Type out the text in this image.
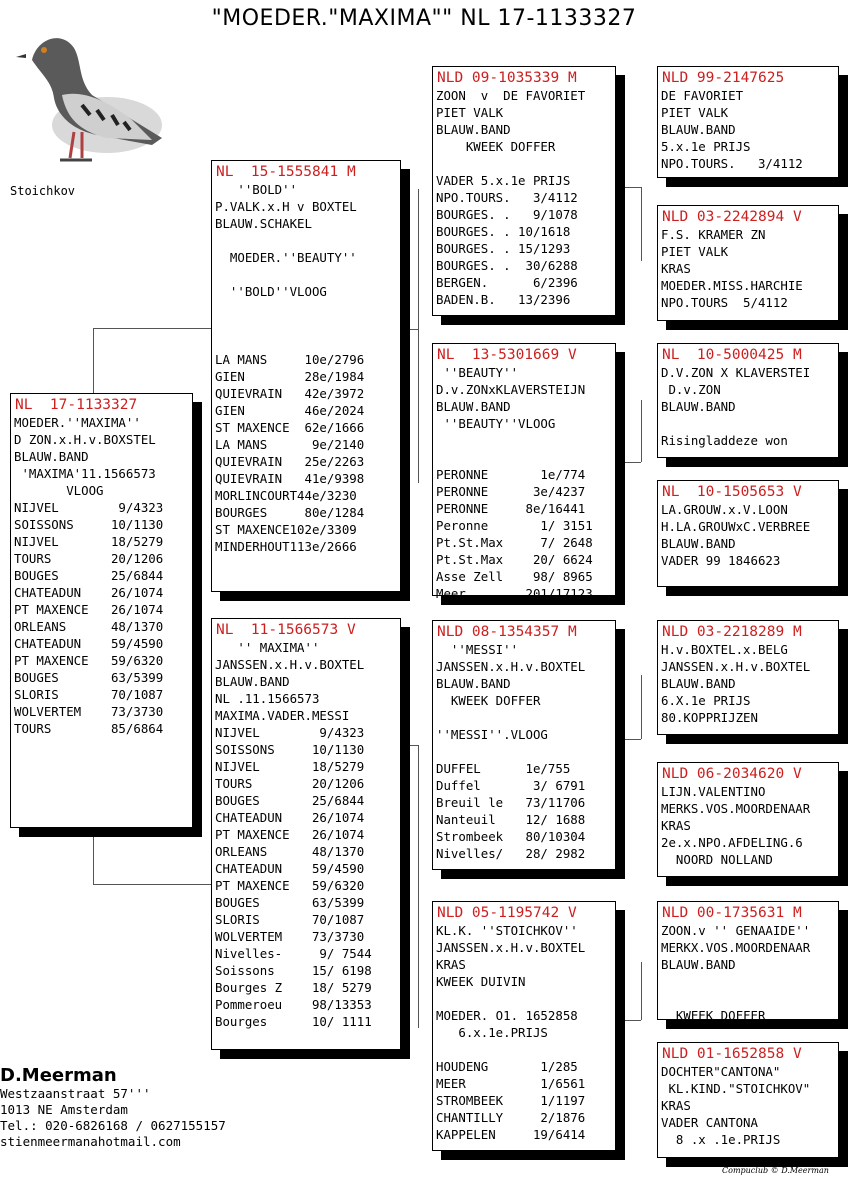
"MOEDER."MAXIMA"" NL 17-1133327
Stoichkov
NL  17-1133327
MOEDER.''MAXIMA''
D ZON.x.H.v.BOXSTEL
BLAUW.BAND
'MAXIMA'11.1566573
VLOOG
NIJVEL        9/4323
SOISSONS     10/1130
NIJVEL       18/5279
TOURS        20/1206
BOUGES       25/6844
CHATEADUN    26/1074
PT MAXENCE   26/1074
ORLEANS      48/1370
CHATEADUN    59/4590
PT MAXENCE   59/6320
BOUGES       63/5399
SLORIS       70/1087
WOLVERTEM    73/3730
TOURS        85/6864
NL  15-1555841 M
''BOLD''
P.VALK.x.H v BOXTEL
BLAUW.SCHAKEL
MOEDER.''BEAUTY''
''BOLD''VLOOG
LA MANS     10e/2796
GIEN        28e/1984
QUIEVRAIN   42e/3972
GIEN        46e/2024
ST MAXENCE  62e/1666
LA MANS      9e/2140
QUIEVRAIN   25e/2263
QUIEVRAIN   41e/9398
MORLINCOURT44e/3230
BOURGES     80e/1284
ST MAXENCE102e/3309
MINDERHOUT113e/2666
NL  11-1566573 V
'' MAXIMA''
JANSSEN.x.H.v.BOXTEL
BLAUW.BAND
NL .11.1566573
MAXIMA.VADER.MESSI
NIJVEL        9/4323
SOISSONS     10/1130
NIJVEL       18/5279
TOURS        20/1206
BOUGES       25/6844
CHATEADUN    26/1074
PT MAXENCE   26/1074
ORLEANS      48/1370
CHATEADUN    59/4590
PT MAXENCE   59/6320
BOUGES       63/5399
SLORIS       70/1087
WOLVERTEM    73/3730
Nivelles-     9/ 7544
Soissons     15/ 6198
Bourges Z    18/ 5279
Pommeroeu    98/13353
Bourges      10/ 1111
NLD 09-1035339 M
ZOON  v  DE FAVORIET
PIET VALK
BLAUW.BAND
KWEEK DOFFER
VADER 5.x.1e PRIJS
NPO.TOURS.   3/4112
BOURGES. .   9/1078
BOURGES. . 10/1618
BOURGES. . 15/1293
BOURGES. .  30/6288
BERGEN.      6/2396
BADEN.B.   13/2396
NL  13-5301669 V
''BEAUTY''
D.v.ZONxKLAVERSTEIJN
BLAUW.BAND
''BEAUTY''VLOOG
PERONNE       1e/774
PERONNE      3e/4237
PERONNE     8e/16441
Peronne       1/ 3151
Pt.St.Max     7/ 2648
Pt.St.Max    20/ 6624
Asse Zell    98/ 8965
Meer        201/17123
NLD 08-1354357 M
''MESSI''
JANSSEN.x.H.v.BOXTEL
BLAUW.BAND
KWEEK DOFFER
''MESSI''.VLOOG
DUFFEL      1e/755
Duffel       3/ 6791
Breuil le   73/11706
Nanteuil    12/ 1688
Strombeek   80/10304
Nivelles/   28/ 2982
NLD 05-1195742 V
KL.K. ''STOICHKOV''
JANSSEN.x.H.v.BOXTEL
KRAS
KWEEK DUIVIN
MOEDER. O1. 1652858
6.x.1e.PRIJS
HOUDENG       1/285
MEER          1/6561
STROMBEEK     1/1197
CHANTILLY     2/1876
KAPPELEN     19/6414
NLD 99-2147625
DE FAVORIET
PIET VALK
BLAUW.BAND
5.x.1e PRIJS
NPO.TOURS.   3/4112
NLD 03-2242894 V
F.S. KRAMER ZN
PIET VALK
KRAS
MOEDER.MISS.HARCHIE
NPO.TOURS  5/4112
NL  10-5000425 M
D.V.ZON X KLAVERSTEI
D.v.ZON
BLAUW.BAND
Risingladdeze won
NL  10-1505653 V
LA.GROUW.x.V.LOON
H.LA.GROUWxC.VERBREE
BLAUW.BAND
VADER 99 1846623
NLD 03-2218289 M
H.v.BOXTEL.x.BELG
JANSSEN.x.H.v.BOXTEL
BLAUW.BAND
6.X.1e PRIJS
80.KOPPRIJZEN
NLD 06-2034620 V
LIJN.VALENTINO
MERKS.VOS.MOORDENAAR
KRAS
2e.x.NPO.AFDELING.6
NOORD NOLLAND
NLD 00-1735631 M
ZOON.v '' GENAAIDE''
MERKX.VOS.MOORDENAAR
BLAUW.BAND
KWEEK DOFFER
NLD 01-1652858 V
DOCHTER"CANTONA"
KL.KIND."STOICHKOV"
KRAS
VADER CANTONA
8 .x .1e.PRIJS
D.Meerman
Westzaanstraat 57'''
1013 NE Amsterdam
Tel.: 020-6826168 / 0627155157
stienmeermanahotmail.com
Compuclub © D.Meerman
